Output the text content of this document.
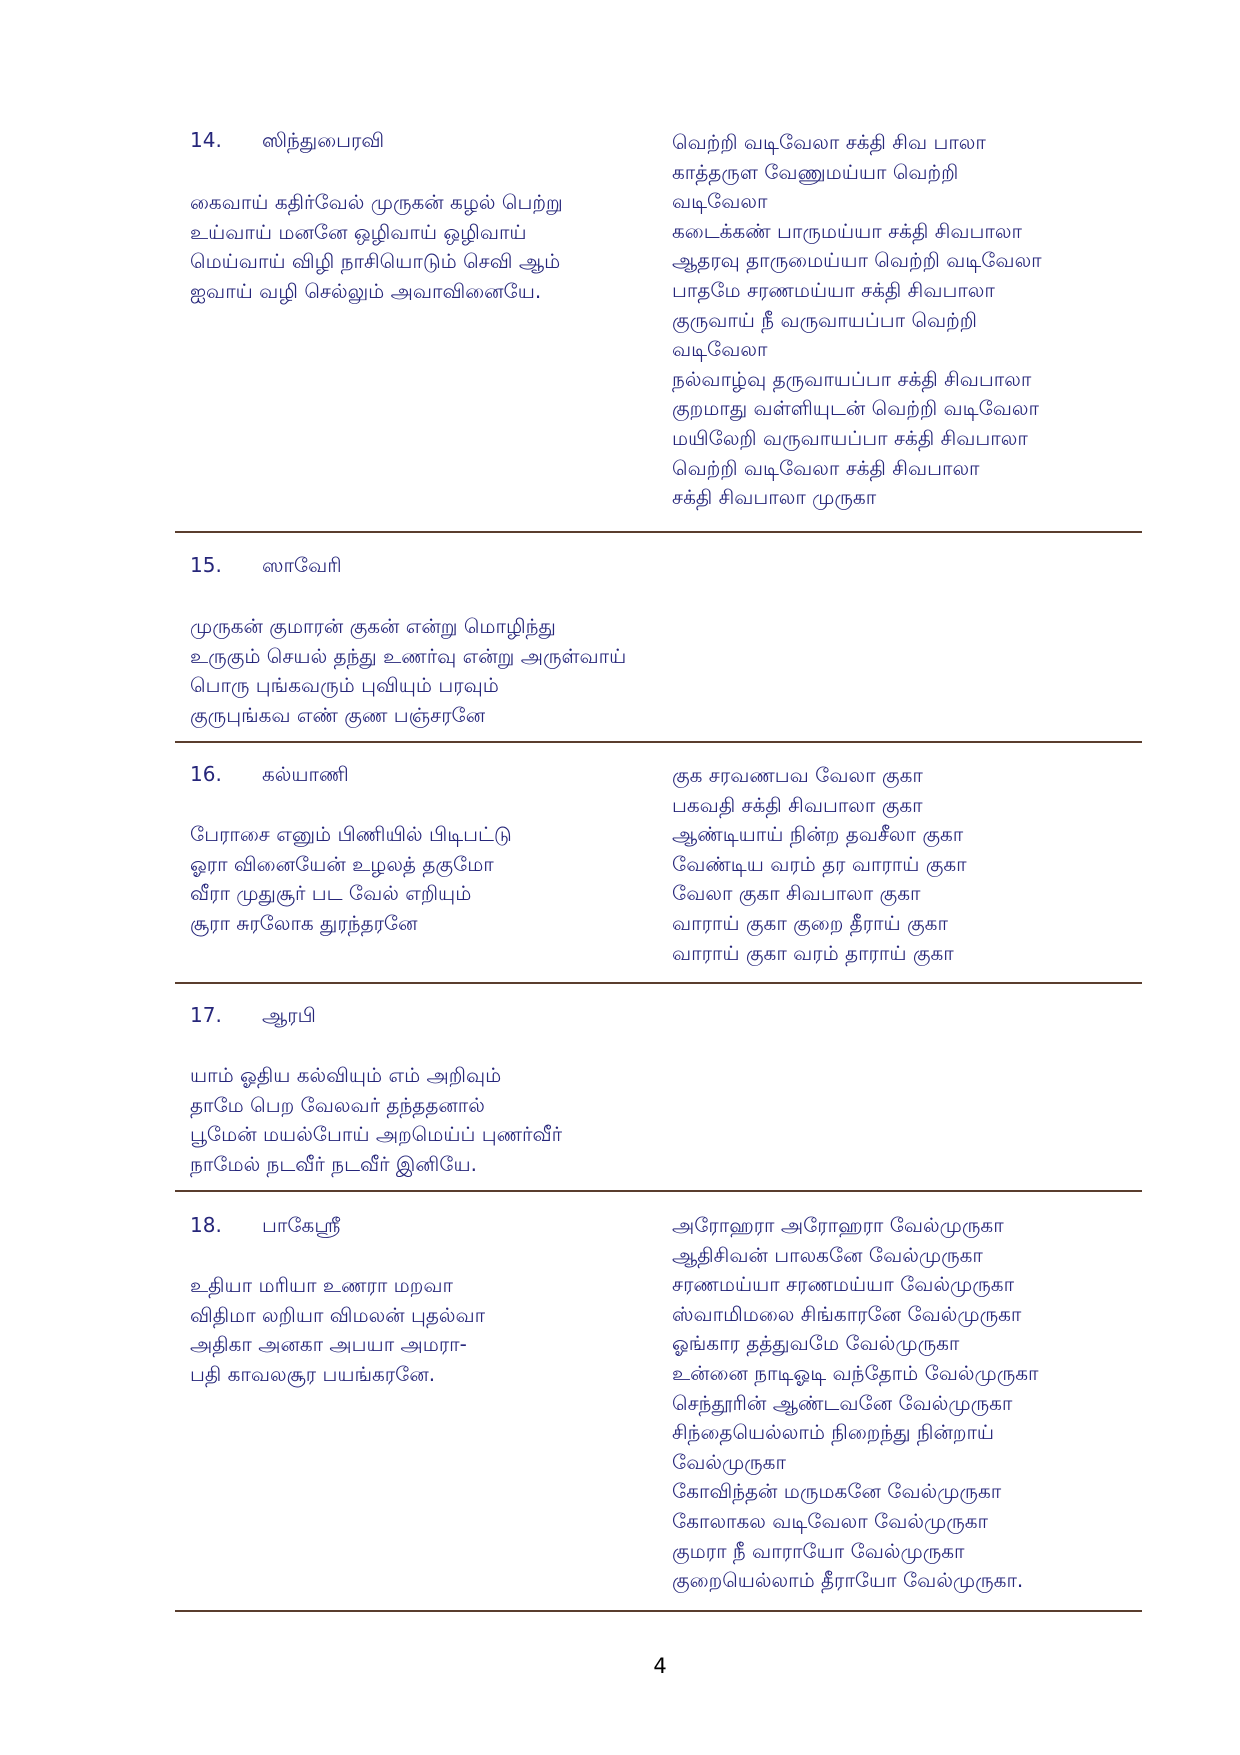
14. ஸிந்துபைரவி
கைவாய் கதிர்வேல் முருகன் கழல் பெற்று
உய்வாய் மனனே ஒழிவாய் ஒழிவாய்
மெய்வாய் விழி நாசியொடும் செவி ஆம்
ஐவாய் வழி செல்லும் அவாவினையே.
வெற்றி வடிவேலா சக்தி சிவ பாலா
காத்தருள வேணுமய்யா வெற்றி
வடிவேலா
கடைக்கண் பாருமய்யா சக்தி சிவபாலா
ஆதரவு தாருமைய்யா வெற்றி வடிவேலா
பாதமே சரணமய்யா சக்தி சிவபாலா
குருவாய் நீ வருவாயப்பா வெற்றி
வடிவேலா
நல்வாழ்வு தருவாயப்பா சக்தி சிவபாலா
குறமாது வள்ளியுடன் வெற்றி வடிவேலா
மயிலேறி வருவாயப்பா சக்தி சிவபாலா
வெற்றி வடிவேலா சக்தி சிவபாலா
சக்தி சிவபாலா முருகா
15. ஸாவேரி
முருகன் குமாரன் குகன் என்று மொழிந்து
உருகும் செயல் தந்து உணர்வு என்று அருள்வாய்
பொரு புங்கவரும் புவியும் பரவும்
குருபுங்கவ எண் குண பஞ்சரனே
16. கல்யாணி
பேராசை எனும் பிணியில் பிடிபட்டு
ஓரா வினையேன் உழலத் தகுமோ
வீரா முதுசூர் பட வேல் எறியும்
சூரா சுரலோக துரந்தரனே
குக சரவணபவ வேலா குகா
பகவதி சக்தி சிவபாலா குகா
ஆண்டியாய் நின்ற தவசீலா குகா
வேண்டிய வரம் தர வாராய் குகா
வேலா குகா சிவபாலா குகா
வாராய் குகா குறை தீராய் குகா
வாராய் குகா வரம் தாராய் குகா
17. ஆரபி
யாம் ஓதிய கல்வியும் எம் அறிவும்
தாமே பெற வேலவர் தந்ததனால்
பூமேன் மயல்போய் அறமெய்ப் புணர்வீர்
நாமேல் நடவீர் நடவீர் இனியே.
18. பாகேஸ்ரீ
உதியா மரியா உணரா மறவா
விதிமா லறியா விமலன் புதல்வா
அதிகா அனகா அபயா அமரா-
பதி காவலசூர பயங்கரனே.
அரோஹரா அரோஹரா வேல்முருகா
ஆதிசிவன் பாலகனே வேல்முருகா
சரணமய்யா சரணமய்யா வேல்முருகா
ஸ்வாமிமலை சிங்காரனே வேல்முருகா
ஓங்கார தத்துவமே வேல்முருகா
உன்னை நாடிஓடி வந்தோம் வேல்முருகா
செந்தூரின் ஆண்டவனே வேல்முருகா
சிந்தையெல்லாம் நிறைந்து நின்றாய்
வேல்முருகா
கோவிந்தன் மருமகனே வேல்முருகா
கோலாகல வடிவேலா வேல்முருகா
குமரா நீ வாராயோ வேல்முருகா
குறையெல்லாம் தீராயோ வேல்முருகா.
4
